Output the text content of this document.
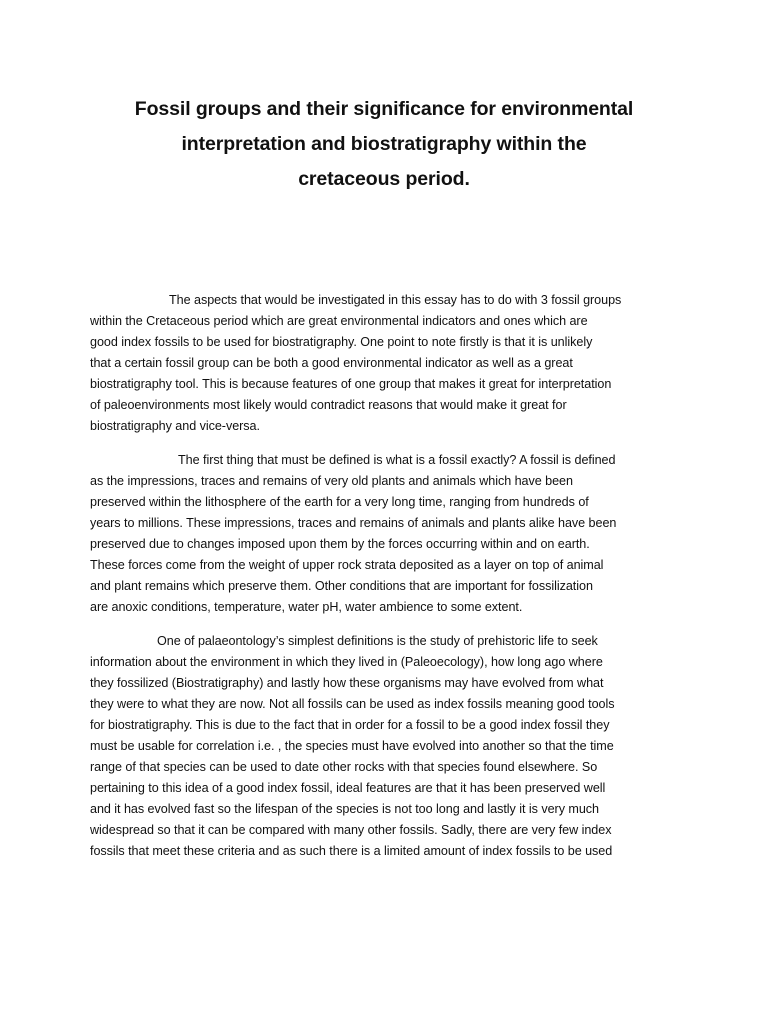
Fossil groups and their significance for environmental
interpretation and biostratigraphy within the
cretaceous period.

The aspects that would be investigated in this essay has to do with 3 fossil groups
within the Cretaceous period which are great environmental indicators and ones which are
good index fossils to be used for biostratigraphy. One point to note firstly is that it is unlikely
that a certain fossil group can be both a good environmental indicator as well as a great
biostratigraphy tool. This is because features of one group that makes it great for interpretation
of paleoenvironments most likely would contradict reasons that would make it great for
biostratigraphy and vice-versa.

The first thing that must be defined is what is a fossil exactly? A fossil is defined
as the impressions, traces and remains of very old plants and animals which have been
preserved within the lithosphere of the earth for a very long time, ranging from hundreds of
years to millions. These impressions, traces and remains of animals and plants alike have been
preserved due to changes imposed upon them by the forces occurring within and on earth.
These forces come from the weight of upper rock strata deposited as a layer on top of animal
and plant remains which preserve them. Other conditions that are important for fossilization
are anoxic conditions, temperature, water pH, water ambience to some extent.

One of palaeontology’s simplest definitions is the study of prehistoric life to seek
information about the environment in which they lived in (Paleoecology), how long ago where
they fossilized (Biostratigraphy) and lastly how these organisms may have evolved from what
they were to what they are now. Not all fossils can be used as index fossils meaning good tools
for biostratigraphy. This is due to the fact that in order for a fossil to be a good index fossil they
must be usable for correlation i.e. , the species must have evolved into another so that the time
range of that species can be used to date other rocks with that species found elsewhere. So
pertaining to this idea of a good index fossil, ideal features are that it has been preserved well
and it has evolved fast so the lifespan of the species is not too long and lastly it is very much
widespread so that it can be compared with many other fossils. Sadly, there are very few index
fossils that meet these criteria and as such there is a limited amount of index fossils to be used
